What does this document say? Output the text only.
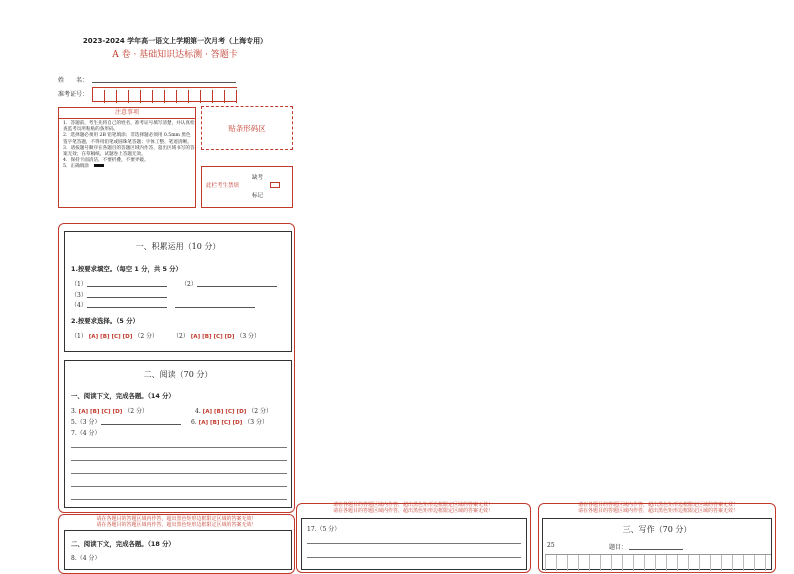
2023-2024 学年高一语文上学期第一次月考（上海专用）
A 卷 · 基础知识达标测 · 答题卡
姓　　名：
准考证号：
注意事项
1．答题前，考生先将自己的姓名，准考证号填写清楚，并认真检查监考员所粘贴的条形码。
2．选择题必须用 2B 铅笔填涂；非选择题必须用 0.5mm 黑色签字笔答题，不得用铅笔或圆珠笔答题；字体工整、笔迹清晰。
3．请按题号顺序在各题目的答题区域内作答，超出区域书写的答案无效；在草稿纸、试题卷上答题无效。
4．保持卡面清洁，不要折叠、不要弄破。
5．正确填涂
贴条形码区
缺考
此栏考生禁填
标记
一、积累运用（10 分）
1.按要求填空。（每空 1 分，共 5 分）
（1）	（2）
（3）
（4）
2.按要求选择。（5 分）
（1） [A] [B] [C] [D] （2 分） （2） [A] [B] [C] [D] （3 分）
二、阅读（70 分）
一、阅读下文，完成各题。（14 分）
3. [A] [B] [C] [D] （2 分）	4. [A] [B] [C] [D] （2 分）
5.（3 分）	6. [A] [B] [C] [D] （3 分）
7.（4 分）
请在各题目的答题区域内作答，超出黑色矩形边框限定区域的答案无效！
请在各题目的答题区域内作答，超出黑色矩形边框限定区域的答案无效！
二、阅读下文，完成各题。（18 分）
8.（4 分）
请在各题目的答题区域内作答，超出黑色矩形边框限定区域的答案无效！
请在各题目的答题区域内作答，超出黑色矩形边框限定区域的答案无效！
17.（5 分）
请在各题目的答题区域内作答，超出黑色矩形边框限定区域的答案无效！
请在各题目的答题区域内作答，超出黑色矩形边框限定区域的答案无效！
三、写作（70 分）
25	题目：
